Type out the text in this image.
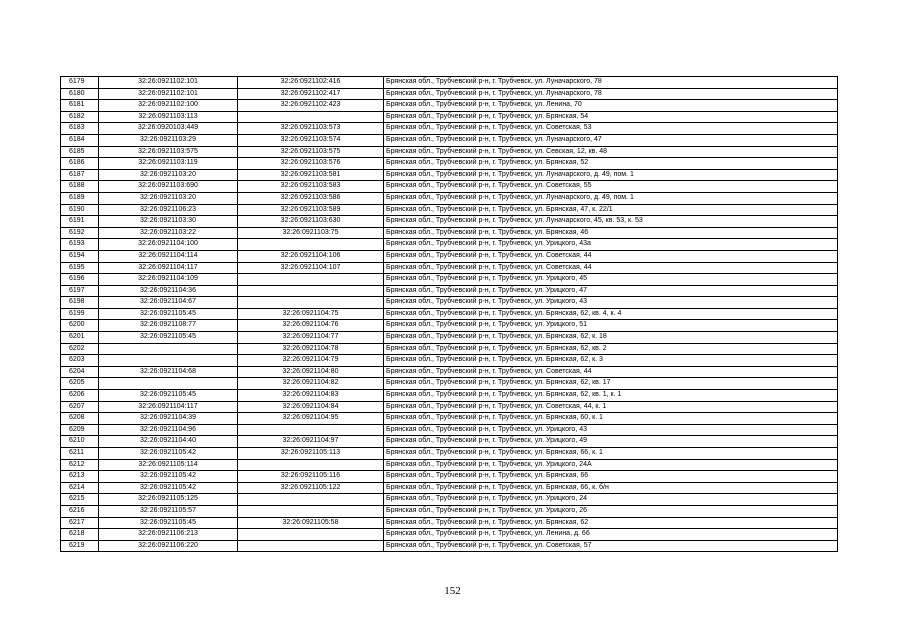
6179	32:26:0921102:101	32:26:0921102:416	Брянская обл., Трубчевский р-н, г. Трубчевск, ул. Луначарского, 78
6180	32:26:0921102:101	32:26:0921102:417	Брянская обл., Трубчевский р-н, г. Трубчевск, ул. Луначарского, 78
6181	32:26:0921102:100	32:26:0921102:423	Брянская обл., Трубчевский р-н, г. Трубчевск, ул. Ленина, 70
6182	32:26:0921103:113		Брянская обл., Трубчевский р-н, г. Трубчевск, ул. Брянская, 54
6183	32:26:0920103:449	32:26:0921103:573	Брянская обл., Трубчевский р-н, г. Трубчевск, ул. Советская, 53
6184	32:26:0921103:29	32:26:0921103:574	Брянская обл., Трубчевский р-н, г. Трубчевск, ул. Луначарского, 47
6185	32:26:0921103:575	32:26:0921103:575	Брянская обл., Трубчевский р-н, г. Трубчевск, ул. Севская, 12, кв. 48
6186	32:26:0921103:119	32:26:0921103:576	Брянская обл., Трубчевский р-н, г. Трубчевск, ул. Брянская, 52
6187	32:26:0921103:20	32:26:0921103:581	Брянская обл., Трубчевский р-н, г. Трубчевск, ул. Луначарского, д. 49, пом. 1
6188	32:26:0921103:690	32:26:0921103:583	Брянская обл., Трубчевский р-н, г. Трубчевск, ул. Советская, 55
6189	32:26:0921103:20	32:26:0921103:586	Брянская обл., Трубчевский р-н, г. Трубчевск, ул. Луначарского, д. 49, пом. 1
6190	32:26:0921106:23	32:26:0921103:589	Брянская обл., Трубчевский р-н, г. Трубчевск, ул. Брянская, 47, к. 22/1
6191	32:26:0921103:30	32:26:0921103:630	Брянская обл., Трубчевский р-н, г. Трубчевск, ул. Луначарского, 45, кв. 53, к. 53
6192	32:26:0921103:22	32:26:0921103:75	Брянская обл., Трубчевский р-н, г. Трубчевск, ул. Брянская, 46
6193	32:26:0921104:100		Брянская обл., Трубчевский р-н, г. Трубчевск, ул. Урицкого, 43а
6194	32:26:0921104:114	32:26:0921104:106	Брянская обл., Трубчевский р-н, г. Трубчевск, ул. Советская, 44
6195	32:26:0921104:117	32:26:0921104:107	Брянская обл., Трубчевский р-н, г. Трубчевск, ул. Советская, 44
6196	32:26:0921104:109		Брянская обл., Трубчевский р-н, г. Трубчевск, ул. Урицкого, 45
6197	32:26:0921104:36		Брянская обл., Трубчевский р-н, г. Трубчевск, ул. Урицкого, 47
6198	32:26:0921104:67		Брянская обл., Трубчевский р-н, г. Трубчевск, ул. Урицкого, 43
6199	32:26:0921105:45	32:26:0921104:75	Брянская обл., Трубчевский р-н, г. Трубчевск, ул. Брянская, 62, кв. 4, к. 4
6200	32:26:0921108:77	32:26:0921104:76	Брянская обл., Трубчевский р-н, г. Трубчевск, ул. Урицкого, 51
6201	32:26:0921105:45	32:26:0921104:77	Брянская обл., Трубчевский р-н, г. Трубчевск, ул. Брянская, 62, к. 18
6202		32:26:0921104:78	Брянская обл., Трубчевский р-н, г. Трубчевск, ул. Брянская, 62, кв. 2
6203		32:26:0921104:79	Брянская обл., Трубчевский р-н, г. Трубчевск, ул. Брянская, 62, к. 3
6204	32:26:0921104:68	32:26:0921104:80	Брянская обл., Трубчевский р-н, г. Трубчевск, ул. Советская, 44
6205		32:26:0921104:82	Брянская обл., Трубчевский р-н, г. Трубчевск, ул. Брянская, 62, кв. 17
6206	32:26:0921105:45	32:26:0921104:83	Брянская обл., Трубчевский р-н, г. Трубчевск, ул. Брянская, 62, кв. 1, к. 1
6207	32:26:0921104:117	32:26:0921104:84	Брянская обл., Трубчевский р-н, г. Трубчевск, ул. Советская, 44, к. 1
6208	32:26:0921104:39	32:26:0921104:95	Брянская обл., Трубчевский р-н, г. Трубчевск, ул. Брянская, 60, к. 1
6209	32:26:0921104:96		Брянская обл., Трубчевский р-н, г. Трубчевск, ул. Урицкого, 43
6210	32:26:0921104:40	32:26:0921104:97	Брянская обл., Трубчевский р-н, г. Трубчевск, ул. Урицкого, 49
6211	32:26:0921105:42	32:26:0921105:113	Брянская обл., Трубчевский р-н, г. Трубчевск, ул. Брянская, 66, к. 1
6212	32:26:0921105:114		Брянская обл., Трубчевский р-н, г. Трубчевск, ул. Урицкого, 24А
6213	32:26:0921105:42	32:26:0921105:116	Брянская обл., Трубчевский р-н, г. Трубчевск, ул. Брянская, 66
6214	32:26:0921105:42	32:26:0921105:122	Брянская обл., Трубчевский р-н, г. Трубчевск, ул. Брянская, 66, к. б/н
6215	32:26:0921105:125		Брянская обл., Трубчевский р-н, г. Трубчевск, ул. Урицкого, 24
6216	32:26:0921105:57		Брянская обл., Трубчевский р-н, г. Трубчевск, ул. Урицкого, 26
6217	32:26:0921105:45	32:26:0921105:58	Брянская обл., Трубчевский р-н, г. Трубчевск, ул. Брянская, 62
6218	32:26:0921106:213		Брянская обл., Трубчевский р-н, г. Трубчевск, ул. Ленина, д. 66
6219	32:26:0921106:220		Брянская обл., Трубчевский р-н, г. Трубчевск, ул. Советская, 57
152
